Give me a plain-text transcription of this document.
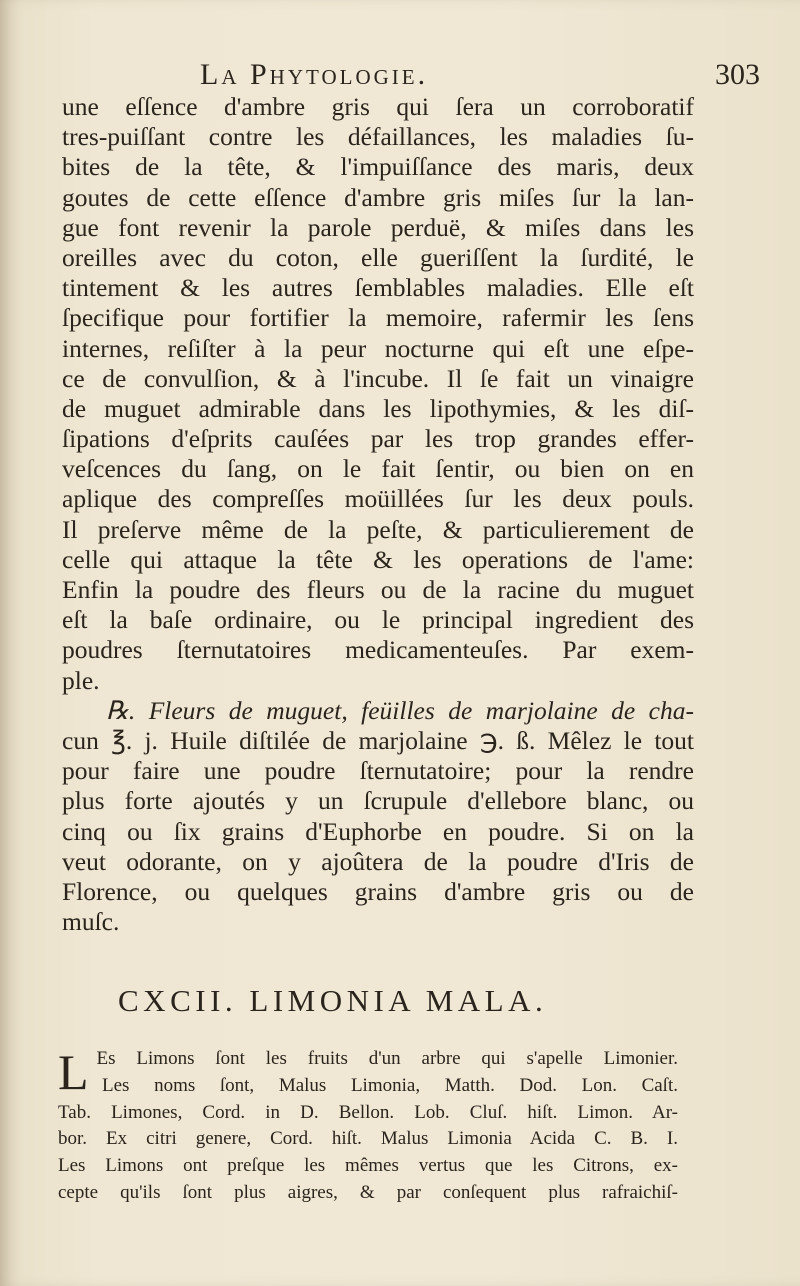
La Phytologie.	303
une eſſence d'ambre gris qui ſera un corroboratif
tres-puiſſant contre les défaillances, les maladies ſu-
bites de la tête, & l'impuiſſance des maris, deux
goutes de cette eſſence d'ambre gris miſes ſur la lan-
gue font revenir la parole perduë, & miſes dans les
oreilles avec du coton, elle gueriſſent la ſurdité, le
tintement & les autres ſemblables maladies. Elle eſt
ſpecifique pour fortifier la memoire, rafermir les ſens
internes, reſiſter à la peur nocturne qui eſt une eſpe-
ce de convulſion, & à l'incube. Il ſe fait un vinaigre
de muguet admirable dans les lipothymies, & les diſ-
ſipations d'eſprits cauſées par les trop grandes effer-
veſcences du ſang, on le fait ſentir, ou bien on en
aplique des compreſſes moüillées ſur les deux pouls.
Il preſerve même de la peſte, & particulierement de
celle qui attaque la tête & les operations de l'ame:
Enfin la poudre des fleurs ou de la racine du muguet
eſt la baſe ordinaire, ou le principal ingredient des
poudres ſternutatoires medicamenteuſes. Par exem-
ple.
℞. Fleurs de muguet, feüilles de marjolaine de cha-
cun ℥. j. Huile diſtilée de marjolaine ℈. ß. Mêlez le tout
pour faire une poudre ſternutatoire; pour la rendre
plus forte ajoutés y un ſcrupule d'ellebore blanc, ou
cinq ou ſix grains d'Euphorbe en poudre. Si on la
veut odorante, on y ajoûtera de la poudre d'Iris de
Florence, ou quelques grains d'ambre gris ou de
muſc.
CXCII. LIMONIA MALA.
L Es Limons ſont les fruits d'un arbre qui s'apelle Limonier.
Les noms ſont, Malus Limonia, Matth. Dod. Lon. Caſt.
Tab. Limones, Cord. in D. Bellon. Lob. Cluſ. hiſt. Limon. Ar-
bor. Ex citri genere, Cord. hiſt. Malus Limonia Acida C. B. I.
Les Limons ont preſque les mêmes vertus que les Citrons, ex-
cepte qu'ils ſont plus aigres, & par conſequent plus rafraichiſ-
